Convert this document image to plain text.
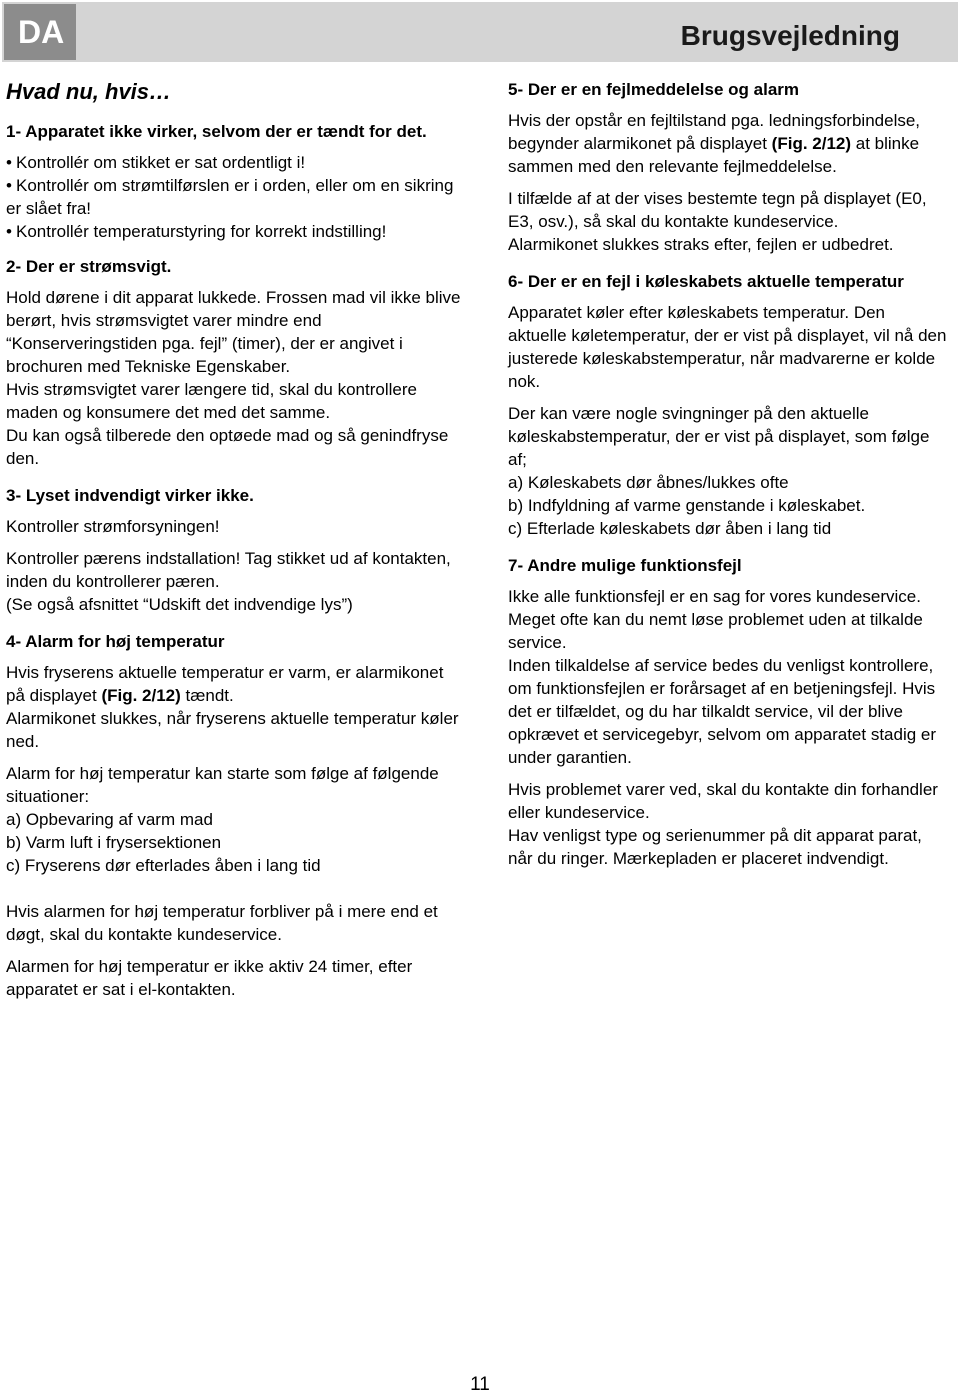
DA	Brugsvejledning
Hvad nu, hvis…
1- Apparatet ikke virker, selvom der er tændt for det.
• Kontrollér om stikket er sat ordentligt i!
• Kontrollér om strømtilførslen er i orden, eller om en sikring er slået fra!
• Kontrollér temperaturstyring for korrekt indstilling!
2- Der er strømsvigt.

Hold dørene i dit apparat lukkede. Frossen mad vil ikke blive berørt, hvis strømsvigtet varer mindre end “Konserveringstiden pga. fejl” (timer), der er angivet i brochuren med Tekniske Egenskaber.
Hvis strømsvigtet varer længere tid, skal du kontrollere maden og konsumere det med det samme.
Du kan også tilberede den optøede mad og så genindfryse den.

3- Lyset indvendigt virker ikke.

Kontroller strømforsyningen!

Kontroller pærens indstallation! Tag stikket ud af kontakten, inden du kontrollerer pæren.
(Se også afsnittet “Udskift det indvendige lys”)

4- Alarm for høj temperatur

Hvis fryserens aktuelle temperatur er varm, er alarmikonet på displayet (Fig. 2/12) tændt.
Alarmikonet slukkes, når fryserens aktuelle temperatur køler ned.

Alarm for høj temperatur kan starte som følge af følgende situationer:
a) Opbevaring af varm mad
b) Varm luft i frysersektionen
c) Fryserens dør efterlades åben i lang tid

Hvis alarmen for høj temperatur forbliver på i mere end et døgt, skal du kontakte kundeservice.

Alarmen for høj temperatur er ikke aktiv 24 timer, efter apparatet er sat i el-kontakten.

5- Der er en fejlmeddelelse og alarm

Hvis der opstår en fejltilstand pga. ledningsforbindelse, begynder alarmikonet på displayet (Fig. 2/12) at blinke sammen med den relevante fejlmeddelelse.

I tilfælde af at der vises bestemte tegn på displayet (E0, E3, osv.), så skal du kontakte kundeservice.
Alarmikonet slukkes straks efter, fejlen er udbedret.

6- Der er en fejl i køleskabets aktuelle temperatur

Apparatet køler efter køleskabets temperatur. Den aktuelle køletemperatur, der er vist på displayet, vil nå den justerede køleskabstemperatur, når madvarerne er kolde nok.

Der kan være nogle svingninger på den aktuelle køleskabstemperatur, der er vist på displayet, som følge af;
a) Køleskabets dør åbnes/lukkes ofte
b) Indfyldning af varme genstande i køleskabet.
c) Efterlade køleskabets dør åben i lang tid

7- Andre mulige funktionsfejl

Ikke alle funktionsfejl er en sag for vores kundeservice. Meget ofte kan du nemt løse problemet uden at tilkalde service.
Inden tilkaldelse af service bedes du venligst kontrollere, om funktionsfejlen er forårsaget af en betjeningsfejl. Hvis det er tilfældet, og du har tilkaldt service, vil der blive opkrævet et servicegebyr, selvom om apparatet stadig er under garantien.

Hvis problemet varer ved, skal du kontakte din forhandler eller kundeservice.
Hav venligst type og serienummer på dit apparat parat, når du ringer. Mærkepladen er placeret indvendigt.

11
